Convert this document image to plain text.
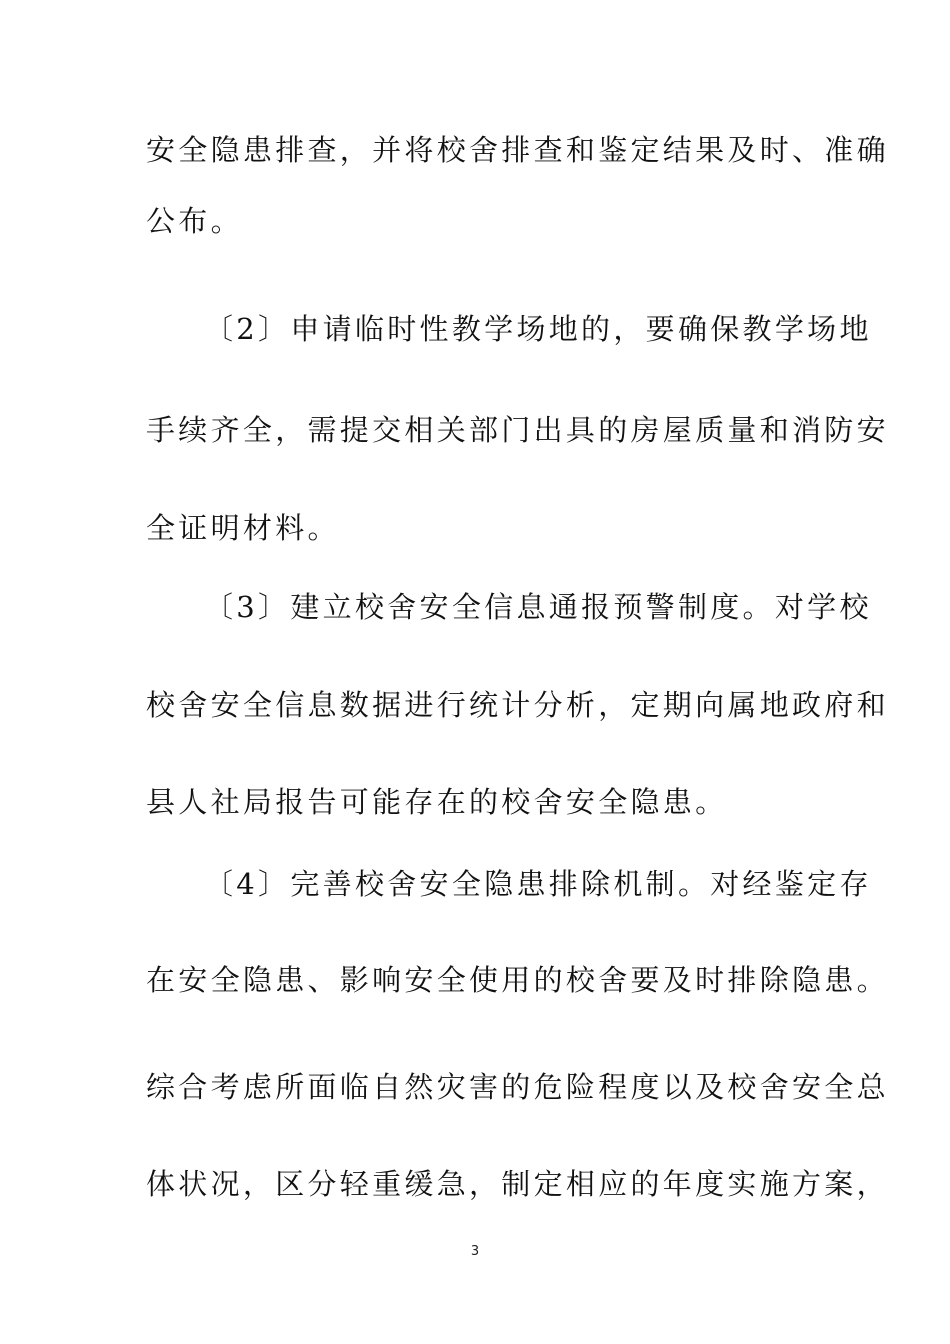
安全隐患排查，并将校舍排查和鉴定结果及时、准确
公布。
〔2〕申请临时性教学场地的，要确保教学场地
手续齐全，需提交相关部门出具的房屋质量和消防安
全证明材料。
〔3〕建立校舍安全信息通报预警制度。对学校
校舍安全信息数据进行统计分析，定期向属地政府和
县人社局报告可能存在的校舍安全隐患。
〔4〕完善校舍安全隐患排除机制。对经鉴定存
在安全隐患、影响安全使用的校舍要及时排除隐患。
综合考虑所面临自然灾害的危险程度以及校舍安全总
体状况，区分轻重缓急，制定相应的年度实施方案，
3
